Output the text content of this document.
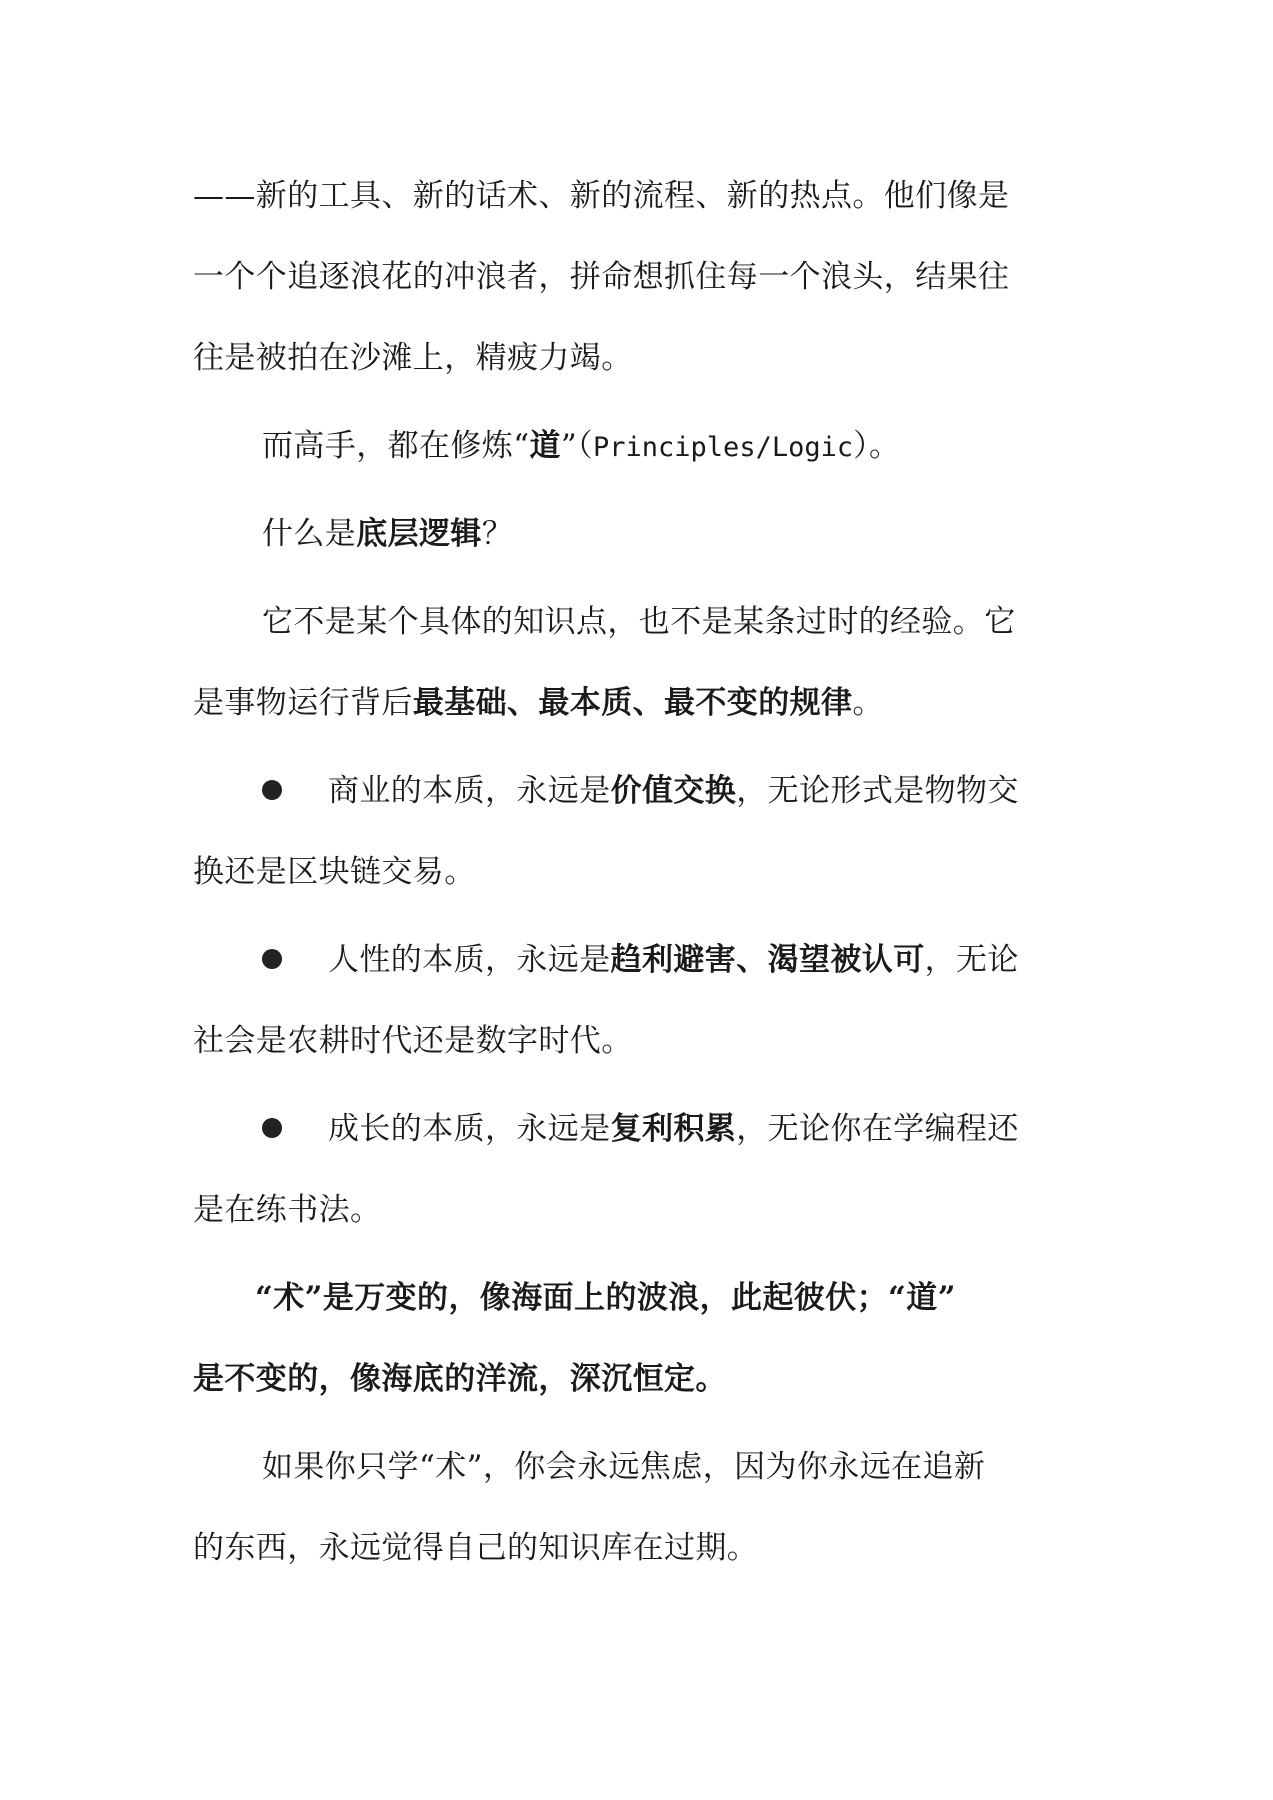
——新的工具、新的话术、新的流程、新的热点。他们像是
一个个追逐浪花的冲浪者，拼命想抓住每一个浪头，结果往
往是被拍在沙滩上，精疲力竭。
而高手，都在修炼“道”（Principles/Logic）。
什么是底层逻辑？
它不是某个具体的知识点，也不是某条过时的经验。它
是事物运行背后最基础、最本质、最不变的规律。
商业的本质，永远是价值交换，无论形式是物物交
换还是区块链交易。
人性的本质，永远是趋利避害、渴望被认可，无论
社会是农耕时代还是数字时代。
成长的本质，永远是复利积累，无论你在学编程还
是在练书法。
“术”是万变的，像海面上的波浪，此起彼伏；“道”
是不变的，像海底的洋流，深沉恒定。
如果你只学“术”，你会永远焦虑，因为你永远在追新
的东西，永远觉得自己的知识库在过期。
